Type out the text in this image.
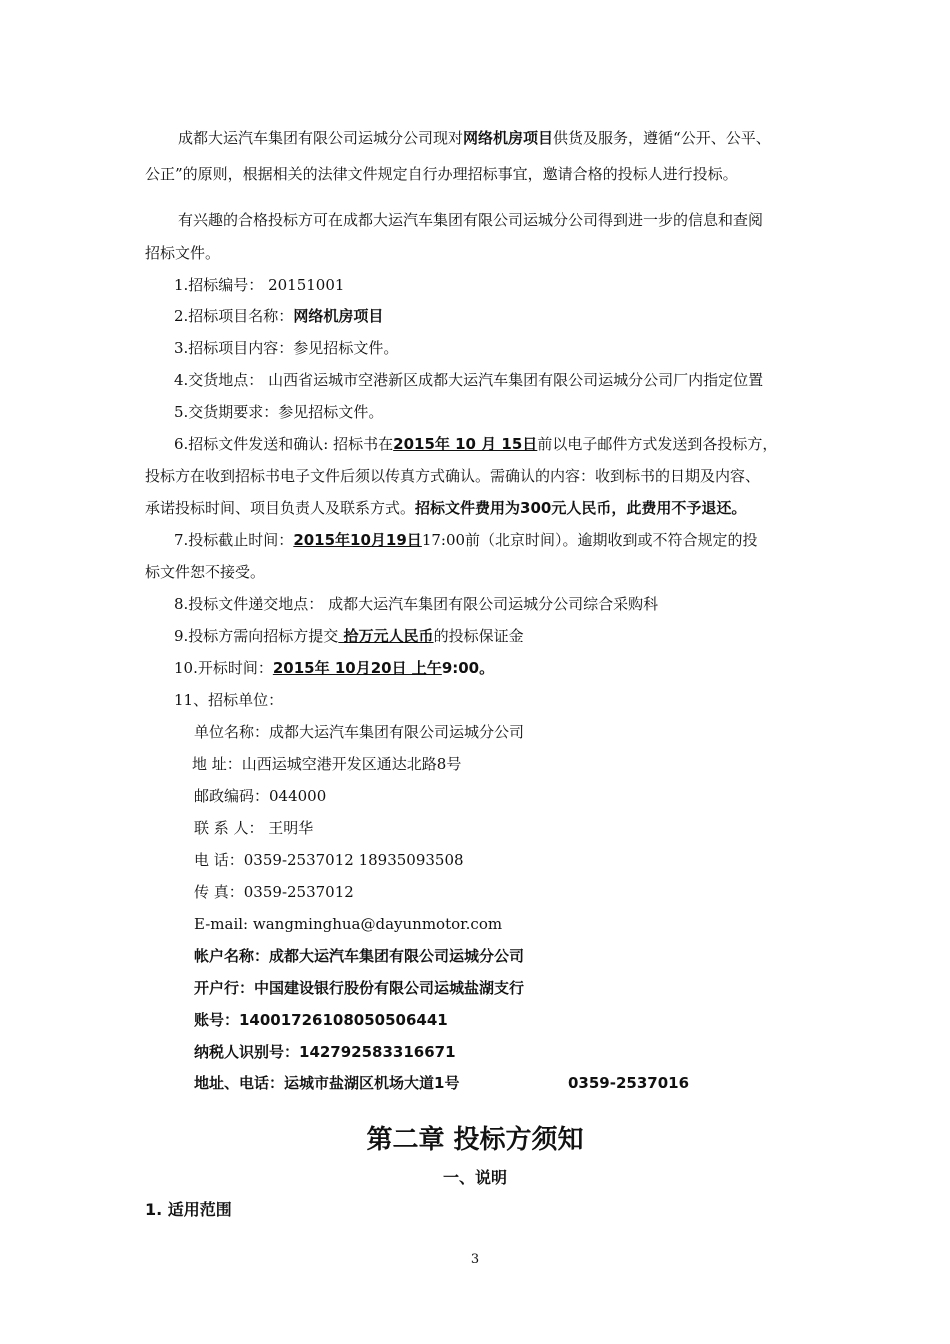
成都大运汽车集团有限公司运城分公司现对网络机房项目供货及服务，遵循“公开、公平、
公正”的原则，根据相关的法律文件规定自行办理招标事宜，邀请合格的投标人进行投标。
有兴趣的合格投标方可在成都大运汽车集团有限公司运城分公司得到进一步的信息和查阅
招标文件。
1.招标编号： 20151001
2.招标项目名称：网络机房项目
3.招标项目内容：参见招标文件。
4.交货地点： 山西省运城市空港新区成都大运汽车集团有限公司运城分公司厂内指定位置
5.交货期要求：参见招标文件。
6.招标文件发送和确认: 招标书在2015年 10 月 15日前以电子邮件方式发送到各投标方，
投标方在收到招标书电子文件后须以传真方式确认。需确认的内容：收到标书的日期及内容、
承诺投标时间、项目负责人及联系方式。招标文件费用为300元人民币，此费用不予退还。
7.投标截止时间：2015年10月19日17:00前（北京时间）。逾期收到或不符合规定的投
标文件恕不接受。
8.投标文件递交地点： 成都大运汽车集团有限公司运城分公司综合采购科
9.投标方需向招标方提交 拾万元人民币的投标保证金
10.开标时间：2015年 10月20日 上午9:00。
11、招标单位：
单位名称：成都大运汽车集团有限公司运城分公司
地 址：山西运城空港开发区通达北路8号
邮政编码：044000
联 系 人： 王明华
电 话：0359-2537012 18935093508
传 真：0359-2537012
E-mail: wangminghua@dayunmotor.com
帐户名称：成都大运汽车集团有限公司运城分公司
开户行：中国建设银行股份有限公司运城盐湖支行
账号：14001726108050506441
纳税人识别号：142792583316671
地址、电话：运城市盐湖区机场大道1号	0359-2537016
第二章 投标方须知
一、说明
1. 适用范围
3
